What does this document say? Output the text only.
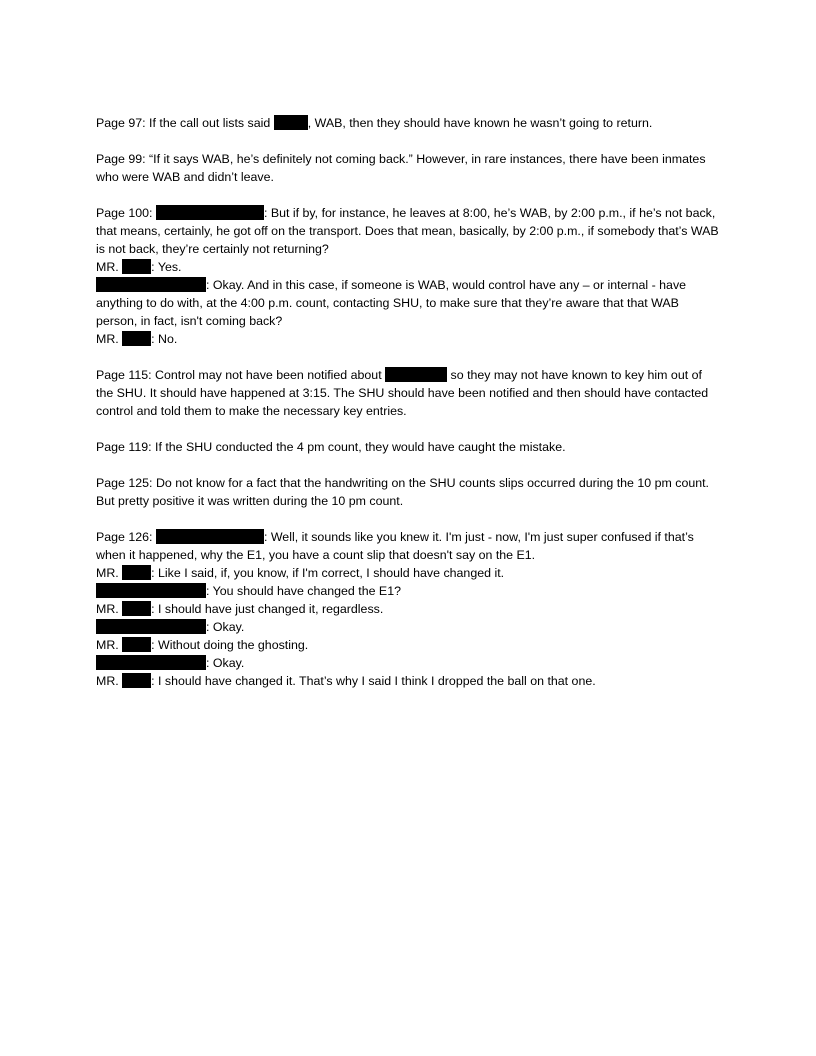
Page 97: If the call out lists said	, WAB, then they should have known he wasn’t going to return.

Page 99: “If it says WAB, he’s definitely not coming back.” However, in rare instances, there have been inmates who were WAB and didn’t leave.

Page 100:	: But if by, for instance, he leaves at 8:00, he’s WAB, by 2:00 p.m., if he’s not back, that means, certainly, he got off on the transport. Does that mean, basically, by 2:00 p.m., if somebody that’s WAB is not back, they’re certainly not returning?

MR. : Yes.

: Okay. And in this case, if someone is WAB, would control have any – or internal - have anything to do with, at the 4:00 p.m. count, contacting SHU, to make sure that they’re aware that that WAB person, in fact, isn't coming back?

MR. : No.

Page 115: Control may not have been notified about	so they may not have known to key him out of the SHU. It should have happened at 3:15. The SHU should have been notified and then should have contacted control and told them to make the necessary key entries.

Page 119: If the SHU conducted the 4 pm count, they would have caught the mistake.

Page 125: Do not know for a fact that the handwriting on the SHU counts slips occurred during the 10 pm count. But pretty positive it was written during the 10 pm count.

Page 126:	: Well, it sounds like you knew it. I'm just - now, I'm just super confused if that’s when it happened, why the E1, you have a count slip that doesn't say on the E1.

MR. : Like I said, if, you know, if I'm correct, I should have changed it.

: You should have changed the E1?

MR. : I should have just changed it, regardless.

: Okay.

MR. : Without doing the ghosting.

: Okay.

MR. : I should have changed it. That’s why I said I think I dropped the ball on that one.
